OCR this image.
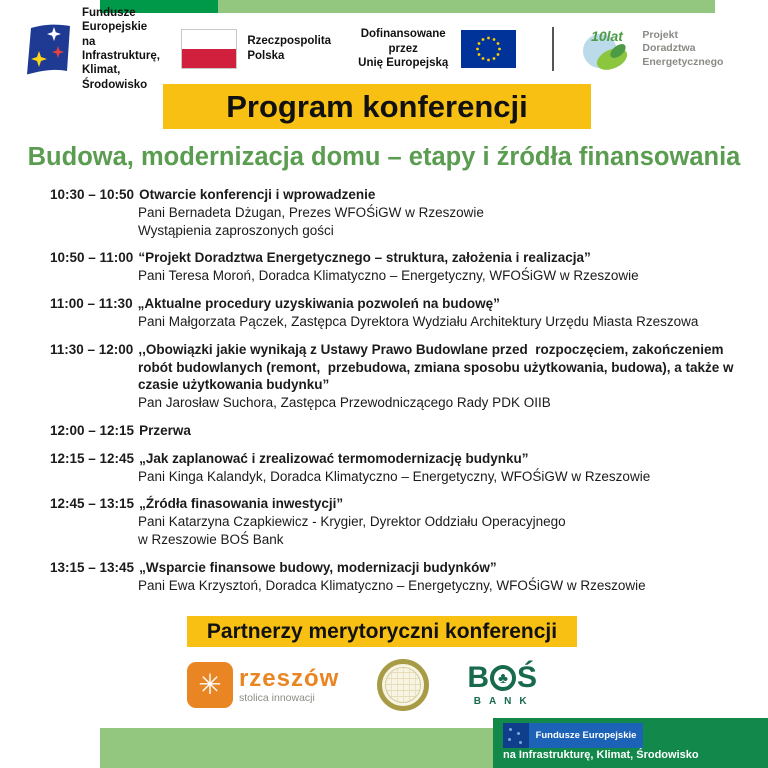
Fundusze Europejskie
na Infrastrukturę,
Klimat, Środowisko
Rzeczpospolita
Polska
Dofinansowane przez
Unię Europejską
10lat Projekt
Doradztwa Energetycznego
Program konferencji
Budowa, modernizacja domu – etapy i źródła finansowania
10:30 – 10:50 Otwarcie konferencji i wprowadzenie
Pani Bernadeta Dżugan, Prezes WFOŚiGW w Rzeszowie
Wystąpienia zaproszonych gości
10:50 – 11:00 “Projekt Doradztwa Energetycznego – struktura, założenia i realizacja”
Pani Teresa Moroń, Doradca Klimatyczno – Energetyczny, WFOŚiGW w Rzeszowie
11:00 – 11:30 „Aktualne procedury uzyskiwania pozwoleń na budowę”
Pani Małgorzata Pączek, Zastępca Dyrektora Wydziału Architektury Urzędu Miasta Rzeszowa
11:30 – 12:00 ,,Obowiązki jakie wynikają z Ustawy Prawo Budowlane przed  rozpoczęciem, zakończeniem robót budowlanych (remont,  przebudowa, zmiana sposobu użytkowania, budowa), a także w czasie użytkowania budynku”
Pan Jarosław Suchora, Zastępca Przewodniczącego Rady PDK OIIB
12:00 – 12:15 Przerwa
12:15 – 12:45 „Jak zaplanować i zrealizować termomodernizację budynku”
Pani Kinga Kalandyk, Doradca Klimatyczno – Energetyczny, WFOŚiGW w Rzeszowie
12:45 – 13:15 „Źródła finasowania inwestycji”
Pani Katarzyna Czapkiewicz - Krygier, Dyrektor Oddziału Operacyjnego
w Rzeszowie BOŚ Bank
13:15 – 13:45 „Wsparcie finansowe budowy, modernizacji budynków”
Pani Ewa Krzysztoń, Doradca Klimatyczno – Energetyczny, WFOŚiGW w Rzeszowie
Partnerzy merytoryczni konferencji
✳ rzeszów
stolica innowacji
B ♣ Ś
BANK
Fundusze Europejskie
na Infrastrukturę, Klimat, Środowisko
